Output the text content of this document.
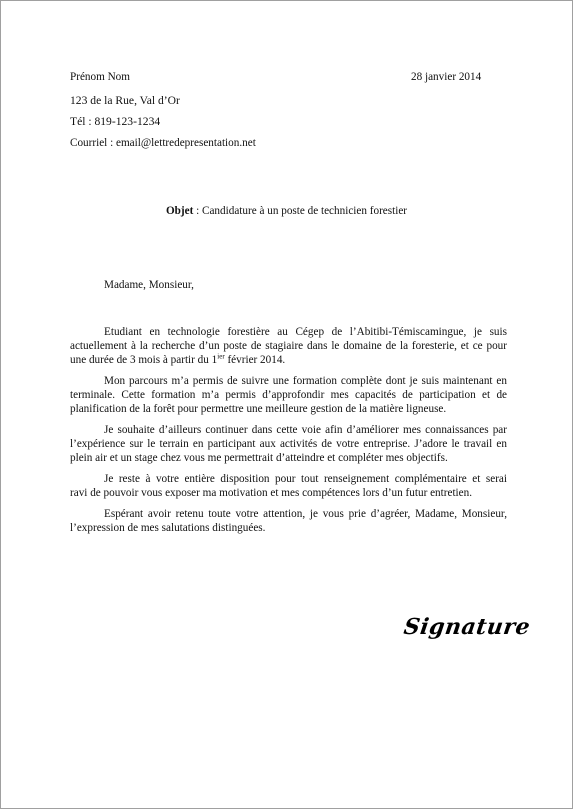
Prénom Nom	28 janvier 2014
123 de la Rue, Val d’Or
Tél : 819-123-1234
Courriel : email@lettredepresentation.net
Objet : Candidature à un poste de technicien forestier
Madame, Monsieur,

Etudiant en technologie forestière au Cégep de l’Abitibi-Témiscamingue, je suis
actuellement à la recherche d’un poste de stagiaire dans le domaine de la foresterie, et ce pour
une durée de 3 mois à partir du $1^{ier}$ février 2014.

Mon parcours m’a permis de suivre une formation complète dont je suis maintenant en
terminale. Cette formation m’a permis d’approfondir mes capacités de participation et de
planification de la forêt pour permettre une meilleure gestion de la matière ligneuse.

Je souhaite d’ailleurs continuer dans cette voie afin d’améliorer mes connaissances par
l’expérience sur le terrain en participant aux activités de votre entreprise. J’adore le travail en
plein air et un stage chez vous me permettrait d’atteindre et compléter mes objectifs.

Je reste à votre entière disposition pour tout renseignement complémentaire et serai
ravi de pouvoir vous exposer ma motivation et mes compétences lors d’un futur entretien.

Espérant avoir retenu toute votre attention, je vous prie d’agréer, Madame, Monsieur,
l’expression de mes salutations distinguées.

Signature
